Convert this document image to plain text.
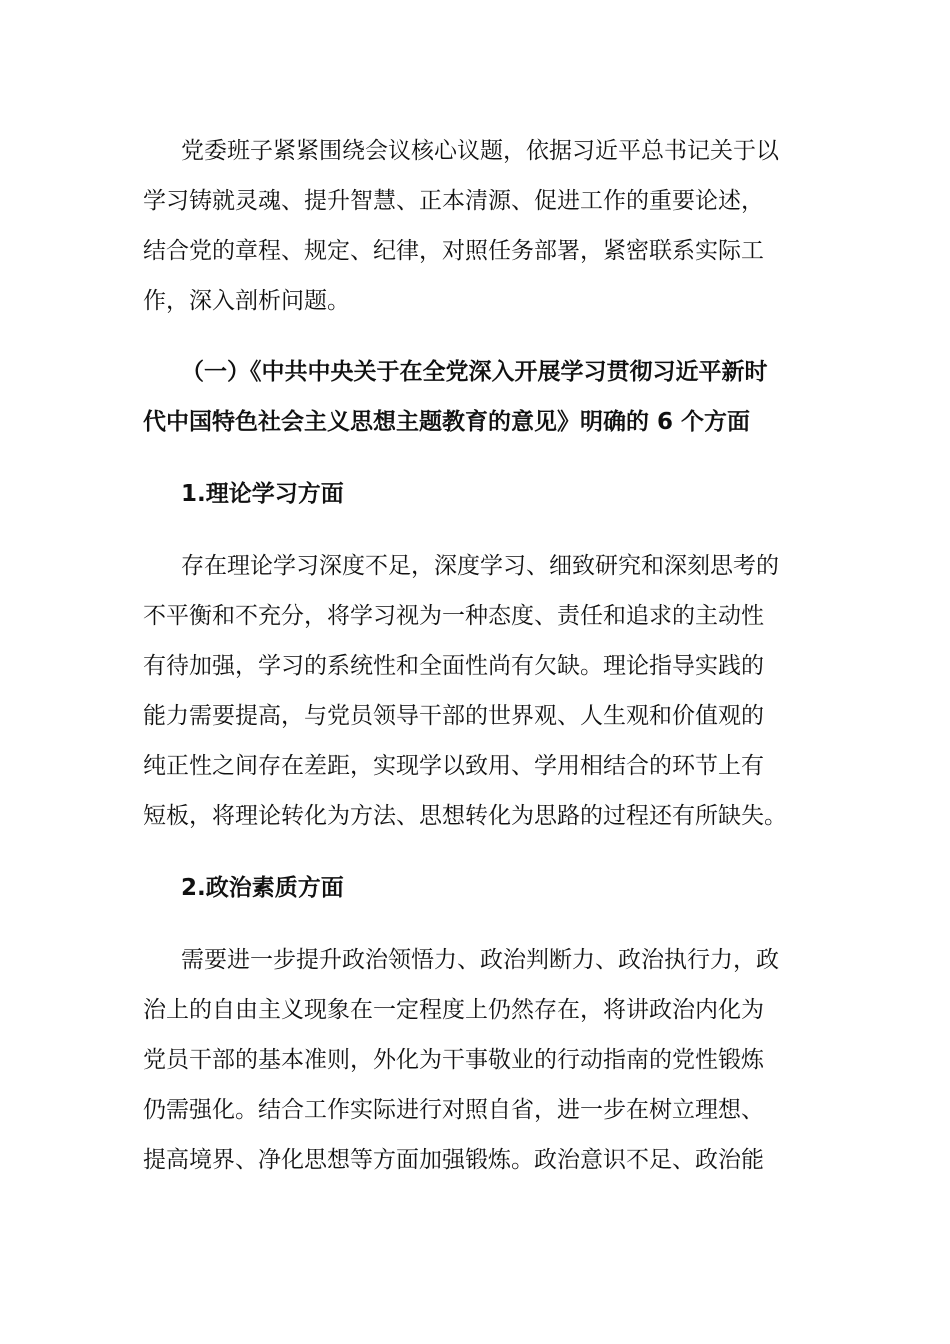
党委班子紧紧围绕会议核心议题，依据习近平总书记关于以
学习铸就灵魂、提升智慧、正本清源、促进工作的重要论述，
结合党的章程、规定、纪律，对照任务部署，紧密联系实际工
作，深入剖析问题。
（一）《中共中央关于在全党深入开展学习贯彻习近平新时
代中国特色社会主义思想主题教育的意见》明确的 6 个方面
1.理论学习方面
存在理论学习深度不足，深度学习、细致研究和深刻思考的
不平衡和不充分，将学习视为一种态度、责任和追求的主动性
有待加强，学习的系统性和全面性尚有欠缺。理论指导实践的
能力需要提高，与党员领导干部的世界观、人生观和价值观的
纯正性之间存在差距，实现学以致用、学用相结合的环节上有
短板，将理论转化为方法、思想转化为思路的过程还有所缺失。
2.政治素质方面
需要进一步提升政治领悟力、政治判断力、政治执行力，政
治上的自由主义现象在一定程度上仍然存在，将讲政治内化为
党员干部的基本准则，外化为干事敬业的行动指南的党性锻炼
仍需强化。结合工作实际进行对照自省，进一步在树立理想、
提高境界、净化思想等方面加强锻炼。政治意识不足、政治能
